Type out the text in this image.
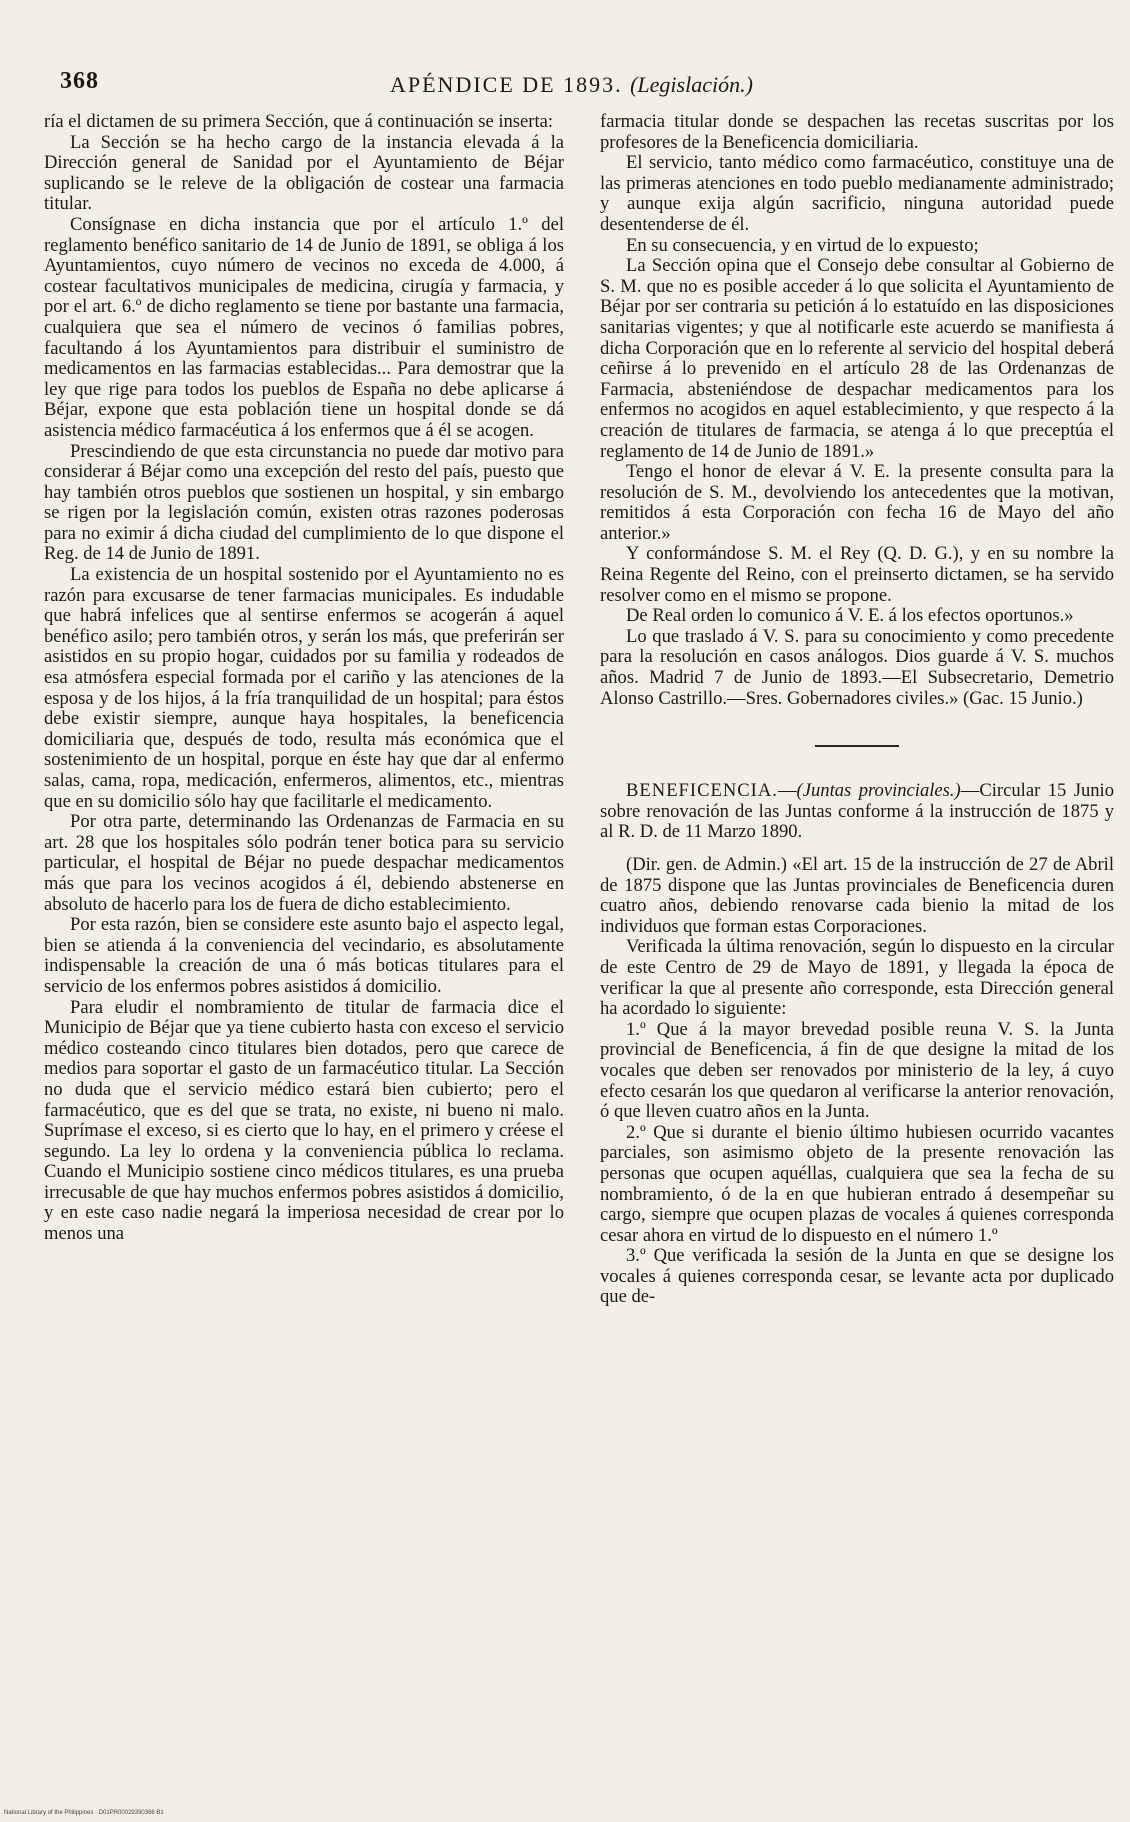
368	APÉNDICE DE 1893. (Legislación.)

ría el dictamen de su primera Sección, que á continuación se inserta:

La Sección se ha hecho cargo de la instancia elevada á la Dirección general de Sanidad por el Ayuntamiento de Béjar suplicando se le releve de la obligación de costear una farmacia titular.

Consígnase en dicha instancia que por el artículo 1.º del reglamento benéfico sanitario de 14 de Junio de 1891, se obliga á los Ayuntamientos, cuyo número de vecinos no exceda de 4.000, á costear facultativos municipales de medicina, cirugía y farmacia, y por el art. 6.º de dicho reglamento se tiene por bastante una farmacia, cualquiera que sea el número de vecinos ó familias pobres, facultando á los Ayuntamientos para distribuir el suministro de medicamentos en las farmacias establecidas... Para demostrar que la ley que rige para todos los pueblos de España no debe aplicarse á Béjar, expone que esta población tiene un hospital donde se dá asistencia médico farmacéutica á los enfermos que á él se acogen.

Prescindiendo de que esta circunstancia no puede dar motivo para considerar á Béjar como una excepción del resto del país, puesto que hay también otros pueblos que sostienen un hospital, y sin embargo se rigen por la legislación común, existen otras razones poderosas para no eximir á dicha ciudad del cumplimiento de lo que dispone el Reg. de 14 de Junio de 1891.

La existencia de un hospital sostenido por el Ayuntamiento no es razón para excusarse de tener farmacias municipales. Es indudable que habrá infelices que al sentirse enfermos se acogerán á aquel benéfico asilo; pero también otros, y serán los más, que preferirán ser asistidos en su propio hogar, cuidados por su familia y rodeados de esa atmósfera especial formada por el cariño y las atenciones de la esposa y de los hijos, á la fría tranquilidad de un hospital; para éstos debe existir siempre, aunque haya hospitales, la beneficencia domiciliaria que, después de todo, resulta más económica que el sostenimiento de un hospital, porque en éste hay que dar al enfermo salas, cama, ropa, medicación, enfermeros, alimentos, etc., mientras que en su domicilio sólo hay que facilitarle el medicamento.

Por otra parte, determinando las Ordenanzas de Farmacia en su art. 28 que los hospitales sólo podrán tener botica para su servicio particular, el hospital de Béjar no puede despachar medicamentos más que para los vecinos acogidos á él, debiendo abstenerse en absoluto de hacerlo para los de fuera de dicho establecimiento.

Por esta razón, bien se considere este asunto bajo el aspecto legal, bien se atienda á la conveniencia del vecindario, es absolutamente indispensable la creación de una ó más boticas titulares para el servicio de los enfermos pobres asistidos á domicilio.

Para eludir el nombramiento de titular de farmacia dice el Municipio de Béjar que ya tiene cubierto hasta con exceso el servicio médico costeando cinco titulares bien dotados, pero que carece de medios para soportar el gasto de un farmacéutico titular. La Sección no duda que el servicio médico estará bien cubierto; pero el farmacéutico, que es del que se trata, no existe, ni bueno ni malo. Suprímase el exceso, si es cierto que lo hay, en el primero y créese el segundo. La ley lo ordena y la conveniencia pública lo reclama. Cuando el Municipio sostiene cinco médicos titulares, es una prueba irrecusable de que hay muchos enfermos pobres asistidos á domicilio, y en este caso nadie negará la imperiosa necesidad de crear por lo menos una

farmacia titular donde se despachen las recetas suscritas por los profesores de la Beneficencia domiciliaria.

El servicio, tanto médico como farmacéutico, constituye una de las primeras atenciones en todo pueblo medianamente administrado; y aunque exija algún sacrificio, ninguna autoridad puede desentenderse de él.

En su consecuencia, y en virtud de lo expuesto;

La Sección opina que el Consejo debe consultar al Gobierno de S. M. que no es posible acceder á lo que solicita el Ayuntamiento de Béjar por ser contraria su petición á lo estatuído en las disposiciones sanitarias vigentes; y que al notificarle este acuerdo se manifiesta á dicha Corporación que en lo referente al servicio del hospital deberá ceñirse á lo prevenido en el artículo 28 de las Ordenanzas de Farmacia, absteniéndose de despachar medicamentos para los enfermos no acogidos en aquel establecimiento, y que respecto á la creación de titulares de farmacia, se atenga á lo que preceptúa el reglamento de 14 de Junio de 1891.»

Tengo el honor de elevar á V. E. la presente consulta para la resolución de S. M., devolviendo los antecedentes que la motivan, remitidos á esta Corporación con fecha 16 de Mayo del año anterior.»

Y conformándose S. M. el Rey (Q. D. G.), y en su nombre la Reina Regente del Reino, con el preinserto dictamen, se ha servido resolver como en el mismo se propone.

De Real orden lo comunico á V. E. á los efectos oportunos.»

Lo que traslado á V. S. para su conocimiento y como precedente para la resolución en casos análogos. Dios guarde á V. S. muchos años. Madrid 7 de Junio de 1893.—El Subsecretario, Demetrio Alonso Castrillo.—Sres. Gobernadores civiles.» (Gac. 15 Junio.)

BENEFICENCIA.—(Juntas provinciales.)—Circular 15 Junio sobre renovación de las Juntas conforme á la instrucción de 1875 y al R. D. de 11 Marzo 1890.

(Dir. gen. de Admin.) «El art. 15 de la instrucción de 27 de Abril de 1875 dispone que las Juntas provinciales de Beneficencia duren cuatro años, debiendo renovarse cada bienio la mitad de los individuos que forman estas Corporaciones.

Verificada la última renovación, según lo dispuesto en la circular de este Centro de 29 de Mayo de 1891, y llegada la época de verificar la que al presente año corresponde, esta Dirección general ha acordado lo siguiente:

1.º Que á la mayor brevedad posible reuna V. S. la Junta provincial de Beneficencia, á fin de que designe la mitad de los vocales que deben ser renovados por ministerio de la ley, á cuyo efecto cesarán los que quedaron al verificarse la anterior renovación, ó que lleven cuatro años en la Junta.

2.º Que si durante el bienio último hubiesen ocurrido vacantes parciales, son asimismo objeto de la presente renovación las personas que ocupen aquéllas, cualquiera que sea la fecha de su nombramiento, ó de la en que hubieran entrado á desempeñar su cargo, siempre que ocupen plazas de vocales á quienes corresponda cesar ahora en virtud de lo dispuesto en el número 1.º

3.º Que verificada la sesión de la Junta en que se designe los vocales á quienes corresponda cesar, se levante acta por duplicado que de-

National Library of the Philippines · D01PR00029390366 B1
